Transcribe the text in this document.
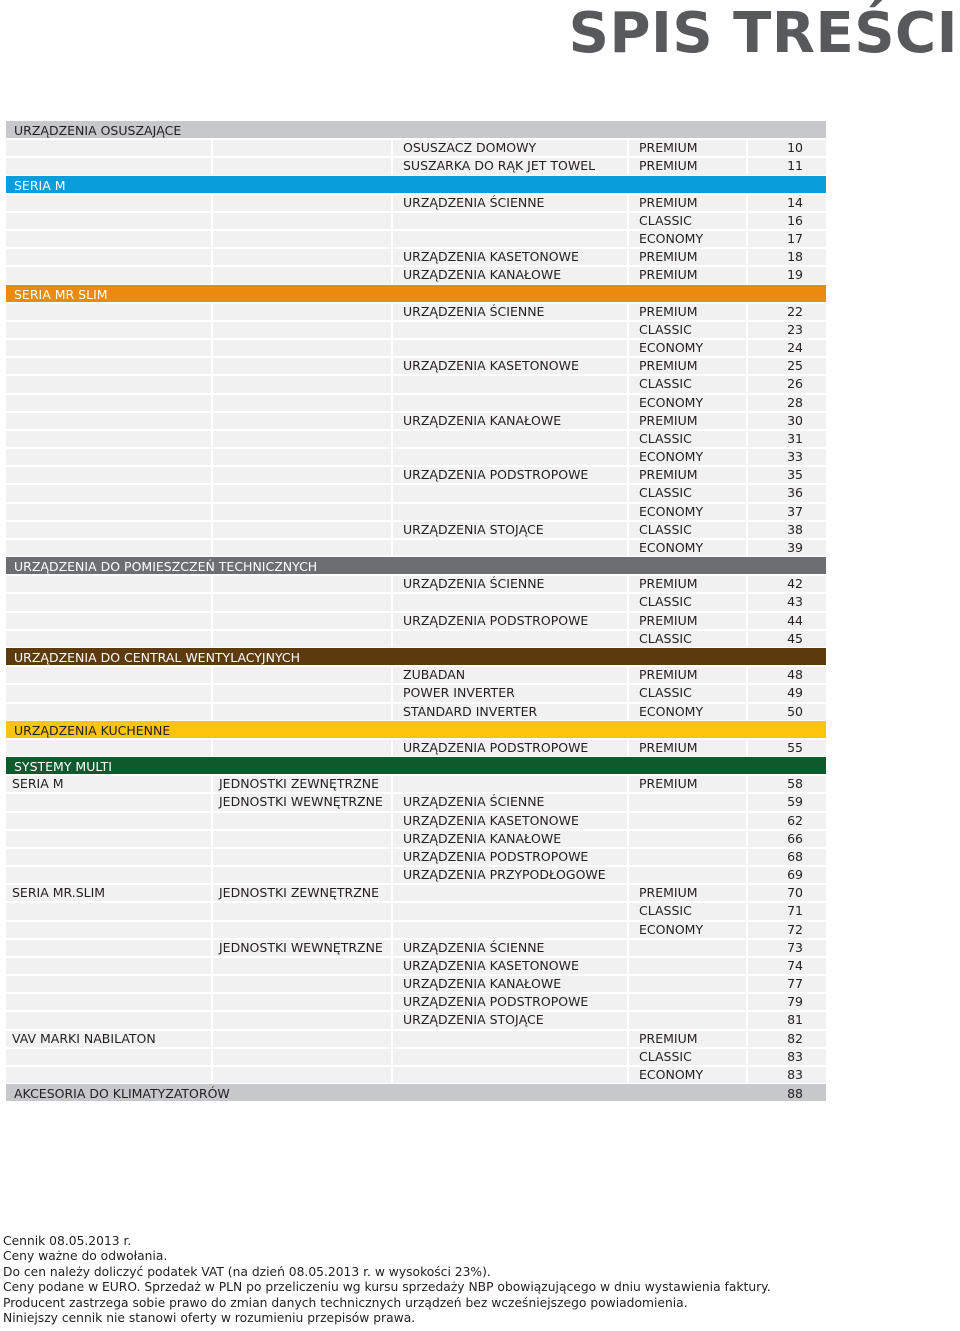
SPIS TREŚCI
URZĄDZENIA OSUSZAJĄCE
OSUSZACZ DOMOWY	PREMIUM	10
SUSZARKA DO RĄK JET TOWEL	PREMIUM	11
SERIA M
URZĄDZENIA ŚCIENNE	PREMIUM	14
CLASSIC	16
ECONOMY	17
URZĄDZENIA KASETONOWE	PREMIUM	18
URZĄDZENIA KANAŁOWE	PREMIUM	19
SERIA MR SLIM
URZĄDZENIA ŚCIENNE	PREMIUM	22
CLASSIC	23
ECONOMY	24
URZĄDZENIA KASETONOWE	PREMIUM	25
CLASSIC	26
ECONOMY	28
URZĄDZENIA KANAŁOWE	PREMIUM	30
CLASSIC	31
ECONOMY	33
URZĄDZENIA PODSTROPOWE	PREMIUM	35
CLASSIC	36
ECONOMY	37
URZĄDZENIA STOJĄCE	CLASSIC	38
ECONOMY	39
URZĄDZENIA DO POMIESZCZEŃ TECHNICZNYCH
URZĄDZENIA ŚCIENNE	PREMIUM	42
CLASSIC	43
URZĄDZENIA PODSTROPOWE	PREMIUM	44
CLASSIC	45
URZĄDZENIA DO CENTRAL WENTYLACYJNYCH
ZUBADAN	PREMIUM	48
POWER INVERTER	CLASSIC	49
STANDARD INVERTER	ECONOMY	50
URZĄDZENIA KUCHENNE
URZĄDZENIA PODSTROPOWE	PREMIUM	55
SYSTEMY MULTI
SERIA M	JEDNOSTKI ZEWNĘTRZNE	PREMIUM	58
JEDNOSTKI WEWNĘTRZNE	URZĄDZENIA ŚCIENNE	59
URZĄDZENIA KASETONOWE	62
URZĄDZENIA KANAŁOWE	66
URZĄDZENIA PODSTROPOWE	68
URZĄDZENIA PRZYPODŁOGOWE	69
SERIA MR.SLIM	JEDNOSTKI ZEWNĘTRZNE	PREMIUM	70
CLASSIC	71
ECONOMY	72
JEDNOSTKI WEWNĘTRZNE	URZĄDZENIA ŚCIENNE	73
URZĄDZENIA KASETONOWE	74
URZĄDZENIA KANAŁOWE	77
URZĄDZENIA PODSTROPOWE	79
URZĄDZENIA STOJĄCE	81
VAV MARKI NABILATON	PREMIUM	82
CLASSIC	83
ECONOMY	83
AKCESORIA DO KLIMATYZATORÓW	88
Cennik 08.05.2013 r.
Ceny ważne do odwołania.
Do cen należy doliczyć podatek VAT (na dzień 08.05.2013 r. w wysokości 23%).
Ceny podane w EURO. Sprzedaż w PLN po przeliczeniu wg kursu sprzedaży NBP obowiązującego w dniu wystawienia faktury.
Producent zastrzega sobie prawo do zmian danych technicznych urządzeń bez wcześniejszego powiadomienia.
Niniejszy cennik nie stanowi oferty w rozumieniu przepisów prawa.
